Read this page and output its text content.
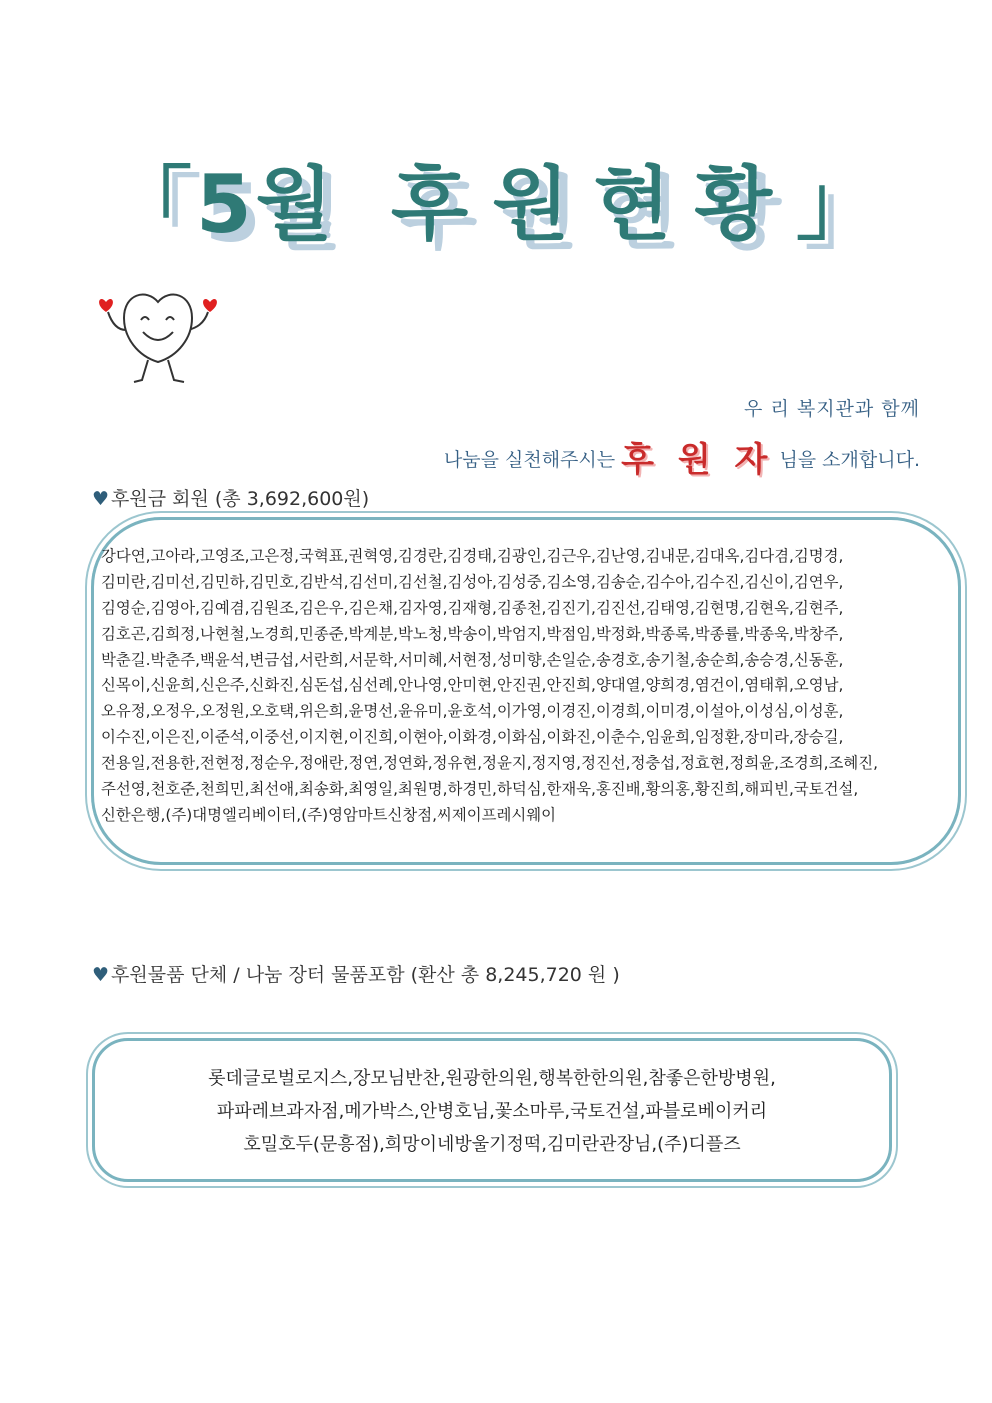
「5월 후원현황」
우 리 복지관과 함께
나눔을 실천해주시는 후 원 자 님을 소개합니다.
♥ 후원금 회원 (총 3,692,600원)
강다연,고아라,고영조,고은정,국혁표,권혁영,김경란,김경태,김광인,김근우,김난영,김내문,김대옥,김다겸,김명경,
김미란,김미선,김민하,김민호,김반석,김선미,김선철,김성아,김성중,김소영,김송순,김수아,김수진,김신이,김연우,
김영순,김영아,김예겸,김원조,김은우,김은채,김자영,김재형,김종천,김진기,김진선,김태영,김현명,김현옥,김현주,
김호곤,김희정,나현철,노경희,민종준,박계분,박노청,박송이,박엄지,박점임,박정화,박종록,박종률,박종욱,박창주,
박춘길.박춘주,백윤석,변금섭,서란희,서문학,서미혜,서현정,성미향,손일순,송경호,송기철,송순희,송승경,신동훈,
신목이,신윤희,신은주,신화진,심돈섭,심선례,안나영,안미현,안진권,안진희,양대열,양희경,염건이,염태휘,오영남,
오유정,오정우,오정원,오호택,위은희,윤명선,윤유미,윤호석,이가영,이경진,이경희,이미경,이설아,이성심,이성훈,
이수진,이은진,이준석,이중선,이지현,이진희,이현아,이화경,이화심,이화진,이춘수,임윤희,임정환,장미라,장승길,
전용일,전용한,전현정,정순우,정애란,정연,정연화,정유현,정윤지,정지영,정진선,정충섭,정효현,정희윤,조경희,조혜진,
주선영,천호준,천희민,최선애,최송화,최영일,최원명,하경민,하덕심,한재욱,홍진배,황의홍,황진희,해피빈,국토건설,
신한은행,(주)대명엘리베이터,(주)영암마트신창점,씨제이프레시웨이
♥ 후원물품 단체 / 나눔 장터 물품포함 (환산 총 8,245,720 원 )
롯데글로벌로지스,장모님반찬,원광한의원,행복한한의원,참좋은한방병원,
파파레브과자점,메가박스,안병호님,꽃소마루,국토건설,파블로베이커리
호밀호두(문흥점),희망이네방울기정떡,김미란관장님,(주)디플즈
